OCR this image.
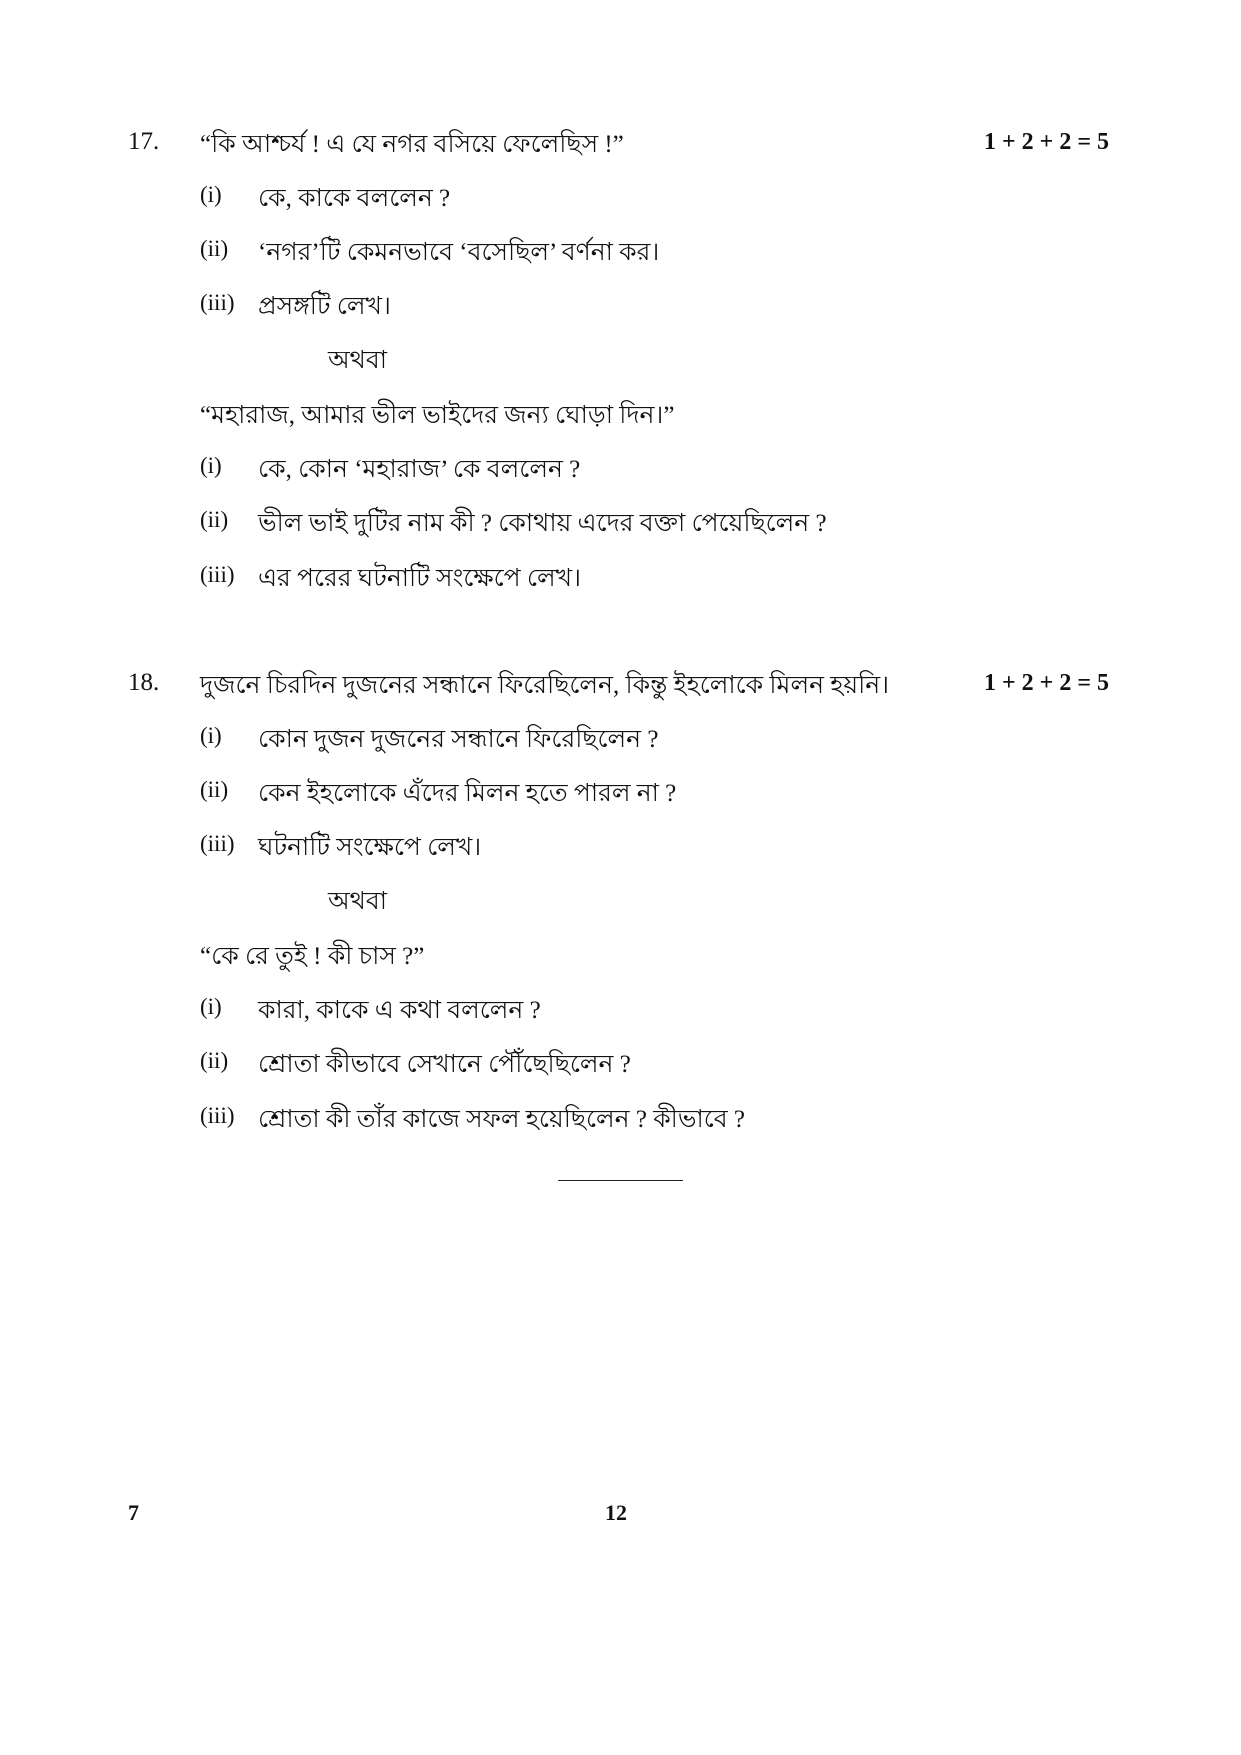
17.	1 + 2 + 2 = 5
“কি আশ্চর্য ! এ যে নগর বসিয়ে ফেলেছিস !”
(i) কে, কাকে বললেন ?
(ii) ‘নগর’টি কেমনভাবে ‘বসেছিল’ বর্ণনা কর।
(iii) প্রসঙ্গটি লেখ।
অথবা
“মহারাজ, আমার ভীল ভাইদের জন্য ঘোড়া দিন।”
(i) কে, কোন ‘মহারাজ’ কে বললেন ?
(ii) ভীল ভাই দুটির নাম কী ? কোথায় এদের বক্তা পেয়েছিলেন ?
(iii) এর পরের ঘটনাটি সংক্ষেপে লেখ।
18.	1 + 2 + 2 = 5
দুজনে চিরদিন দুজনের সন্ধানে ফিরেছিলেন, কিন্তু ইহলোকে মিলন হয়নি।
(i) কোন দুজন দুজনের সন্ধানে ফিরেছিলেন ?
(ii) কেন ইহলোকে এঁদের মিলন হতে পারল না ?
(iii) ঘটনাটি সংক্ষেপে লেখ।
অথবা
“কে রে তুই ! কী চাস ?”
(i) কারা, কাকে এ কথা বললেন ?
(ii) শ্রোতা কীভাবে সেখানে পৌঁছেছিলেন ?
(iii) শ্রোতা কী তাঁর কাজে সফল হয়েছিলেন ? কীভাবে ?
7	12
